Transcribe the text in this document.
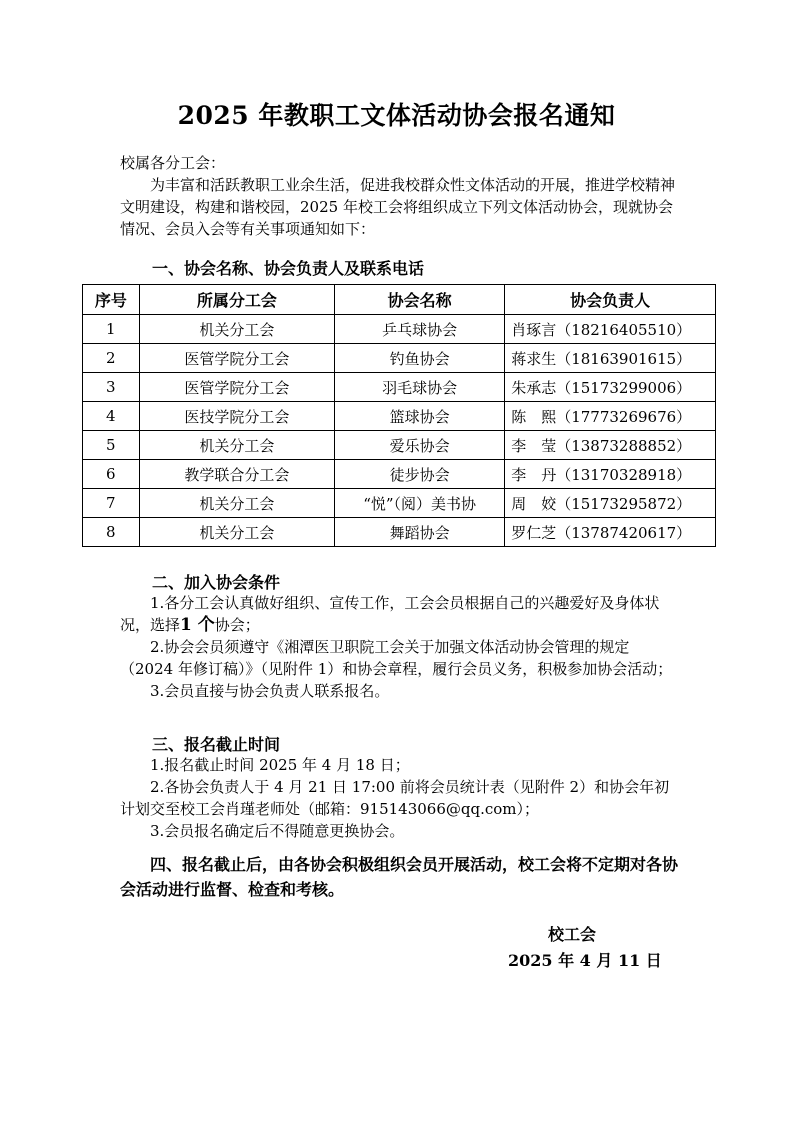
2025 年教职工文体活动协会报名通知

校属各分工会：

为丰富和活跃教职工业余生活，促进我校群众性文体活动的开展，推进学校精神文明建设，构建和谐校园，2025 年校工会将组织成立下列文体活动协会，现就协会情况、会员入会等有关事项通知如下：

一、协会名称、协会负责人及联系电话
序号	所属分工会	协会名称	协会负责人
1	机关分工会	乒乓球协会	肖琢言（18216405510）
2	医管学院分工会	钓鱼协会	蒋求生（18163901615）
3	医管学院分工会	羽毛球协会	朱承志（15173299006）
4	医技学院分工会	篮球协会	陈　熙（17773269676）
5	机关分工会	爱乐协会	李　莹（13873288852）
6	教学联合分工会	徒步协会	李　丹（13170328918）
7	机关分工会	“悦”（阅）美书协	周　姣（15173295872）
8	机关分工会	舞蹈协会	罗仁芝（13787420617）
二、加入协会条件

1.各分工会认真做好组织、宣传工作，工会会员根据自己的兴趣爱好及身体状况，选择1 个协会；

2.协会会员须遵守《湘潭医卫职院工会关于加强文体活动协会管理的规定（2024 年修订稿）》（见附件 1）和协会章程，履行会员义务，积极参加协会活动；

3.会员直接与协会负责人联系报名。

三、报名截止时间

1.报名截止时间 2025 年 4 月 18 日；

2.各协会负责人于 4 月 21 日 17:00 前将会员统计表（见附件 2）和协会年初计划交至校工会肖瑾老师处（邮箱：915143066@qq.com）；

3.会员报名确定后不得随意更换协会。

四、报名截止后，由各协会积极组织会员开展活动，校工会将不定期对各协会活动进行监督、检查和考核。

校工会
2025 年 4 月 11 日
